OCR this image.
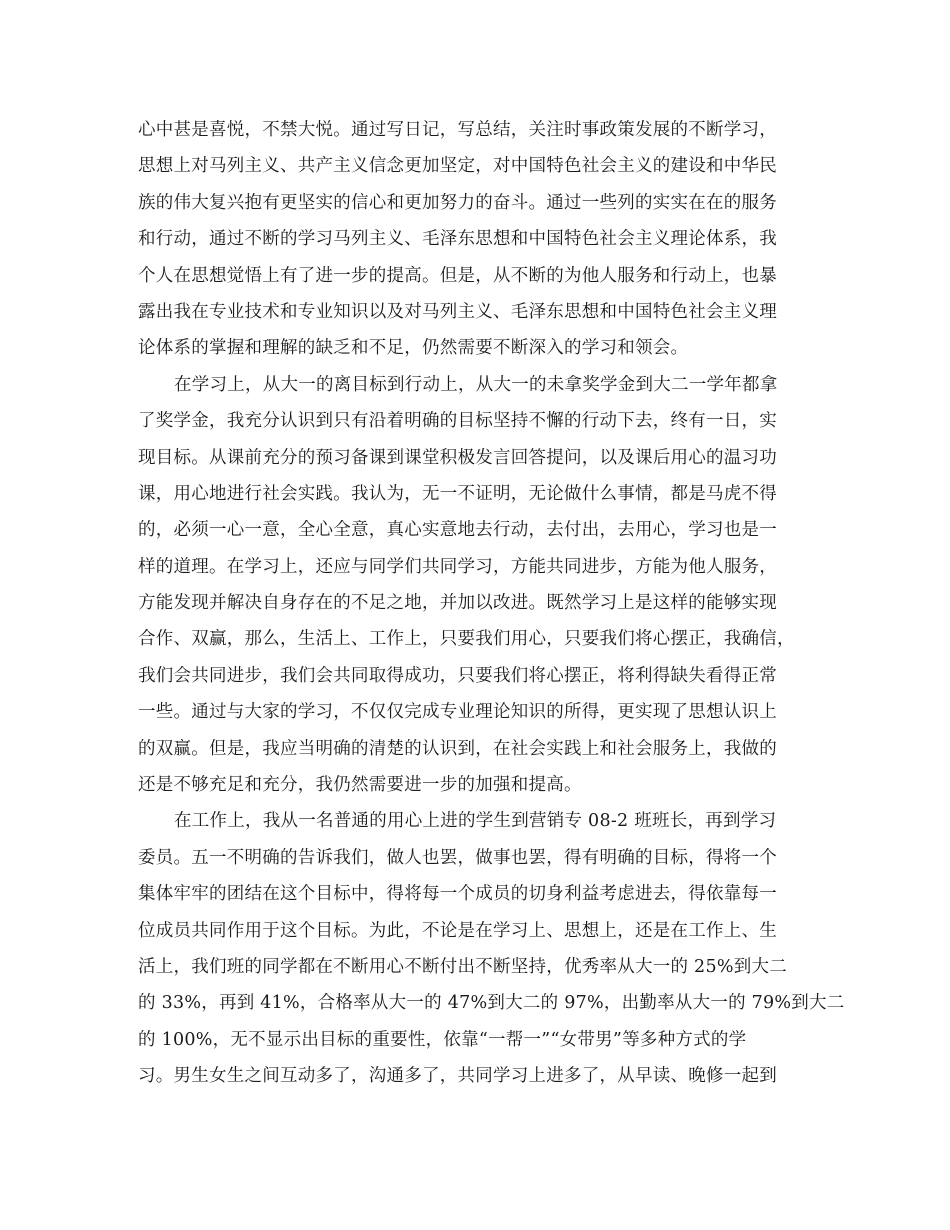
心中甚是喜悦，不禁大悦。通过写日记，写总结，关注时事政策发展的不断学习，
思想上对马列主义、共产主义信念更加坚定，对中国特色社会主义的建设和中华民
族的伟大复兴抱有更坚实的信心和更加努力的奋斗。通过一些列的实实在在的服务
和行动，通过不断的学习马列主义、毛泽东思想和中国特色社会主义理论体系，我
个人在思想觉悟上有了进一步的提高。但是，从不断的为他人服务和行动上，也暴
露出我在专业技术和专业知识以及对马列主义、毛泽东思想和中国特色社会主义理
论体系的掌握和理解的缺乏和不足，仍然需要不断深入的学习和领会。
在学习上，从大一的离目标到行动上，从大一的未拿奖学金到大二一学年都拿
了奖学金，我充分认识到只有沿着明确的目标坚持不懈的行动下去，终有一日，实
现目标。从课前充分的预习备课到课堂积极发言回答提问，以及课后用心的温习功
课，用心地进行社会实践。我认为，无一不证明，无论做什么事情，都是马虎不得
的，必须一心一意，全心全意，真心实意地去行动，去付出，去用心，学习也是一
样的道理。在学习上，还应与同学们共同学习，方能共同进步，方能为他人服务，
方能发现并解决自身存在的不足之地，并加以改进。既然学习上是这样的能够实现
合作、双赢，那么，生活上、工作上，只要我们用心，只要我们将心摆正，我确信，
我们会共同进步，我们会共同取得成功，只要我们将心摆正，将利得缺失看得正常
一些。通过与大家的学习，不仅仅完成专业理论知识的所得，更实现了思想认识上
的双赢。但是，我应当明确的清楚的认识到，在社会实践上和社会服务上，我做的
还是不够充足和充分，我仍然需要进一步的加强和提高。
在工作上，我从一名普通的用心上进的学生到营销专 08-2 班班长，再到学习
委员。五一不明确的告诉我们，做人也罢，做事也罢，得有明确的目标，得将一个
集体牢牢的团结在这个目标中，得将每一个成员的切身利益考虑进去，得依靠每一
位成员共同作用于这个目标。为此，不论是在学习上、思想上，还是在工作上、生
活上，我们班的同学都在不断用心不断付出不断坚持，优秀率从大一的 25%到大二
的 33%，再到 41%，合格率从大一的 47%到大二的 97%，出勤率从大一的 79%到大二
的 100%，无不显示出目标的重要性，依靠“一帮一”“女带男”等多种方式的学
习。男生女生之间互动多了，沟通多了，共同学习上进多了，从早读、晚修一起到
